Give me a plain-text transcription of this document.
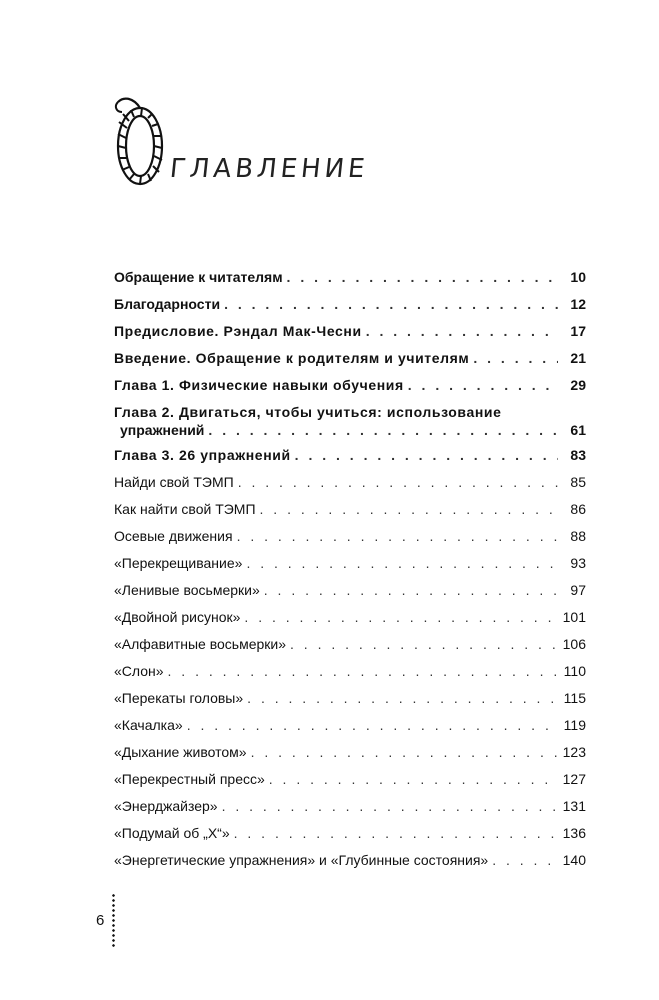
О
ГЛАВЛЕНИЕ
Обращение к читателям . . .	10
Благодарности . . .	12
Предисловие. Рэндал Мак-Чесни . . .	17
Введение. Обращение к родителям и учителям . . .	21
Глава 1. Физические навыки обучения . . .	29
Глава 2. Двигаться, чтобы учиться: использование
упражнений . . .	61
Глава 3. 26 упражнений . . .	83
Найди свой ТЭМП . . .	85
Как найти свой ТЭМП . . .	86
Осевые движения . . .	88
«Перекрещивание» . . .	93
«Ленивые восьмерки» . . .	97
«Двойной рисунок» . . .	101
«Алфавитные восьмерки» . . .	106
«Слон» . . .	110
«Перекаты головы» . . .	115
«Качалка» . . .	119
«Дыхание животом» . . .	123
«Перекрестный пресс» . . .	127
«Энерджайзер» . . .	131
«Подумай об „Х“» . . .	136
«Энергетические упражнения» и «Глубинные состояния» . . .	140
6
